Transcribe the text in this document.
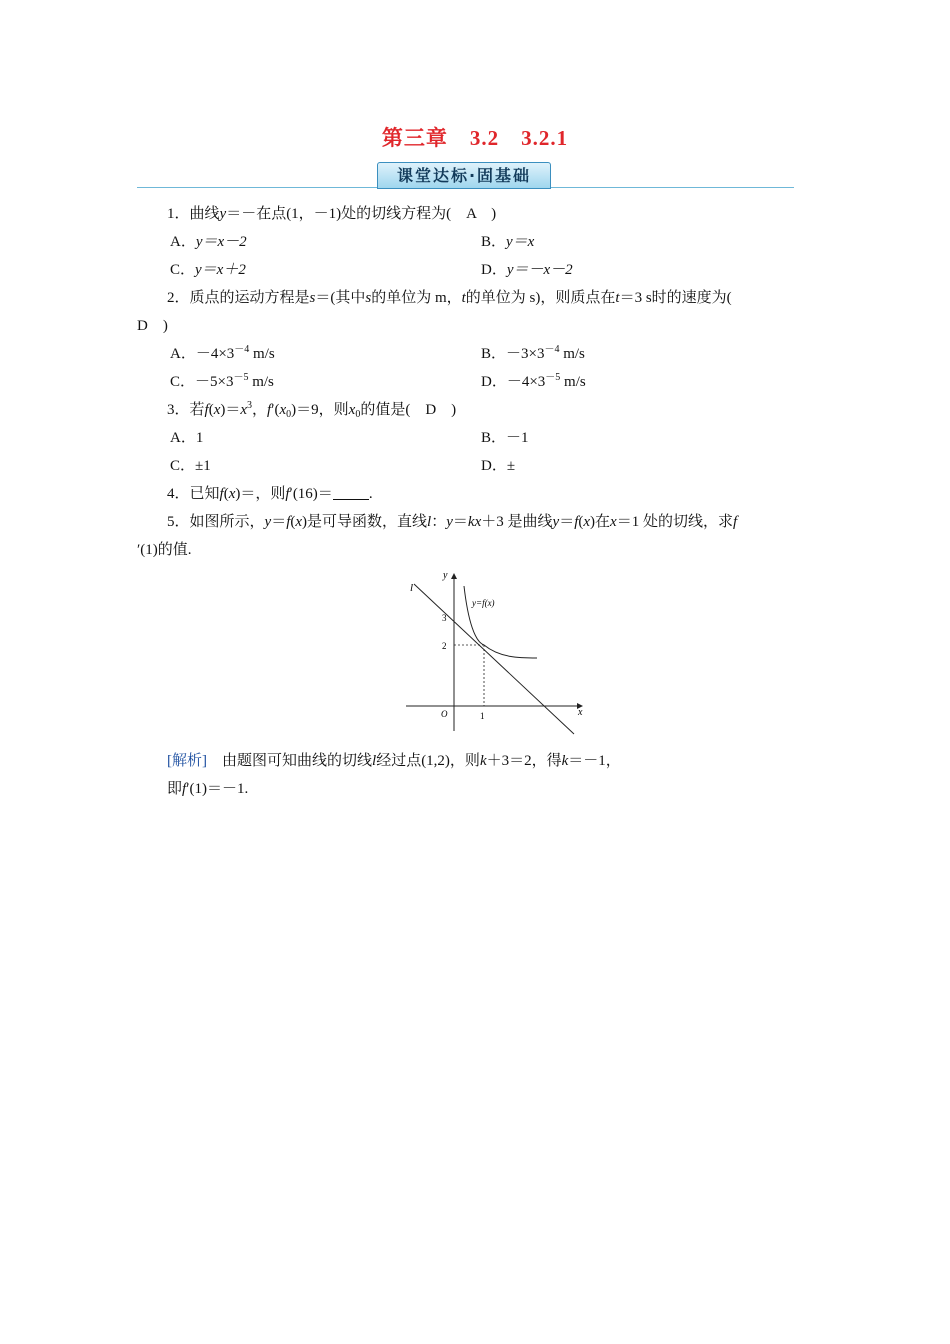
第三章　3.2　3.2.1
课堂达标·固基础
1．曲线y＝－在点(1，－1)处的切线方程为(　A　)
A．y＝x－2	B．y＝x
C．y＝x＋2	D．y＝－x－2
2．质点的运动方程是s＝(其中s的单位为 m，t的单位为 s)，则质点在t＝3 s时的速度为(
D　)
A．$-4\times 3^{-4}$ m/s	B．$-3\times 3^{-4}$ m/s
C．$-5\times 3^{-5}$ m/s	D．$-4\times 3^{-5}$ m/s
3．若$f(x)=x^3$，$f'(x_0)=9$，则$x_0$的值是(　D　)
A．1	B．－1
C．±1	D．±
4．已知f(x)＝，则f′(16)＝ .
5．如图所示，y＝f(x)是可导函数，直线l：y＝kx＋3 是曲线y＝f(x)在x＝1 处的切线，求f
′(1)的值.
l
y
y=f(x)
3
2
O	1	x
[解析]　由题图可知曲线的切线l经过点(1,2)，则k＋3＝2，得k＝－1，
即f′(1)＝－1.
